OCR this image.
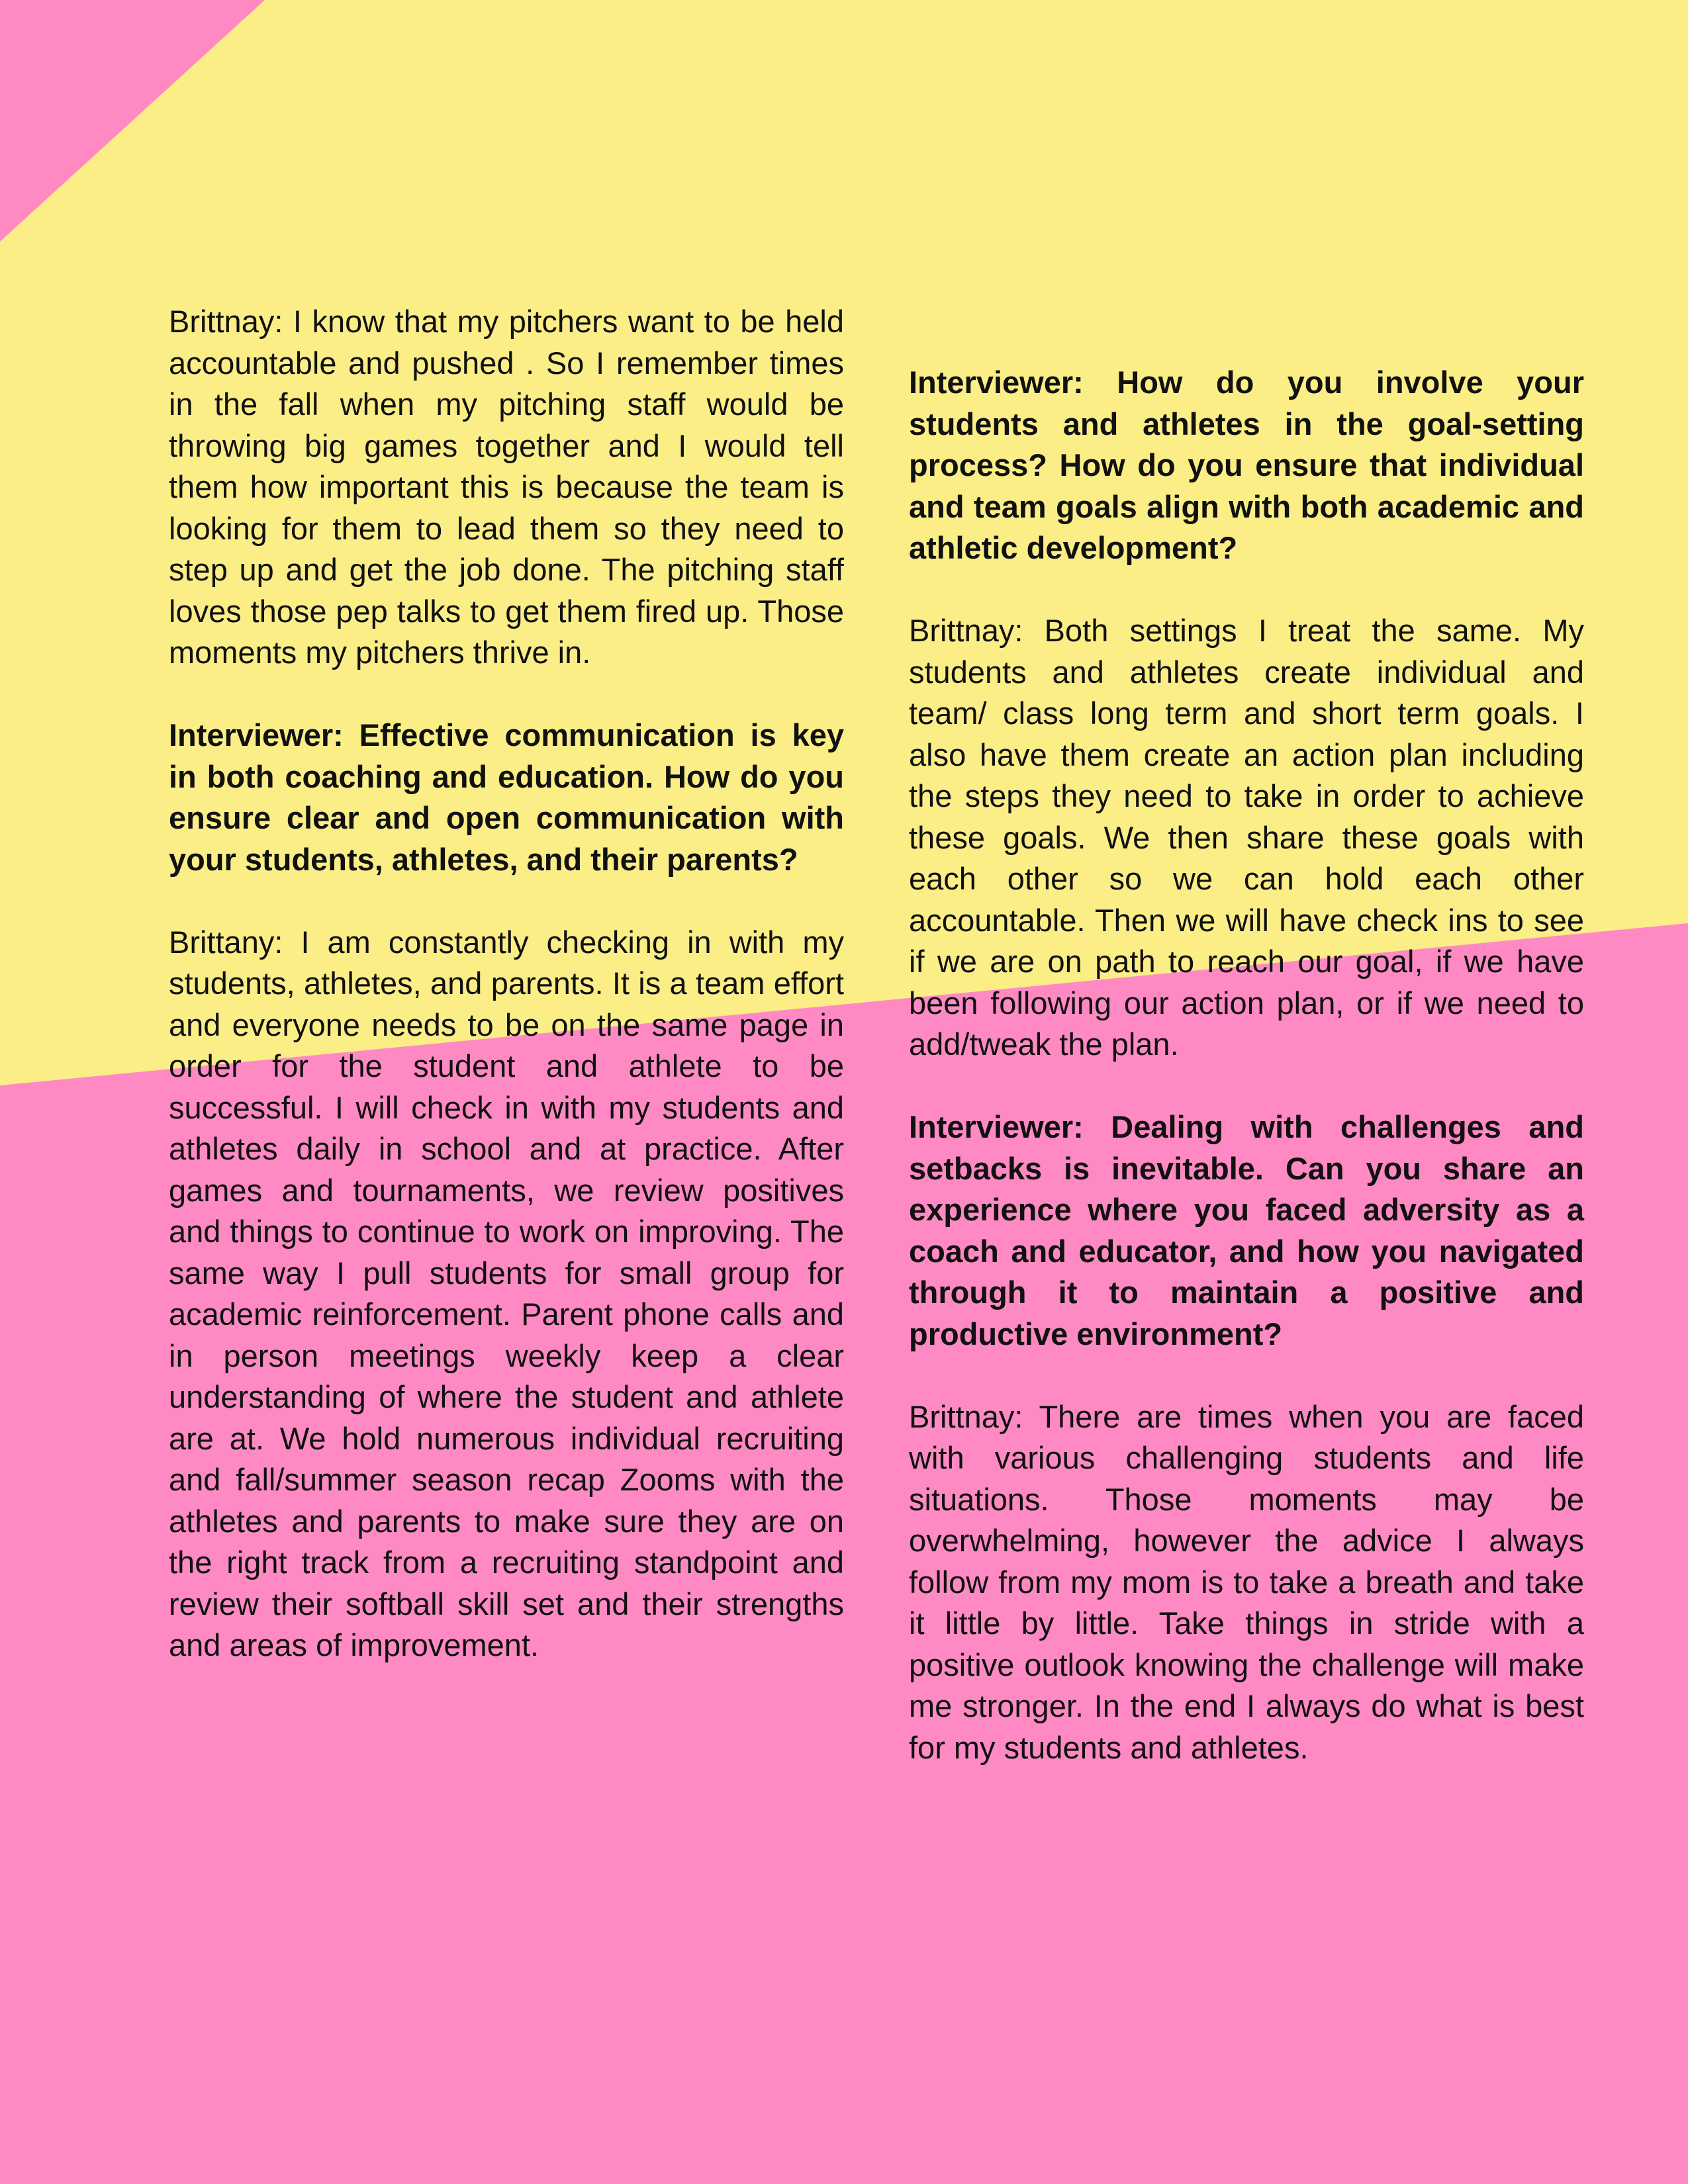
Brittnay: I know that my pitchers want to be held accountable and pushed . So I remember times in the fall when my pitching staff would be throwing big games together and I would tell them how important this is because the team is looking for them to lead them so they need to step up and get the job done. The pitching staff loves those pep talks to get them fired up. Those moments my pitchers thrive in.

Interviewer: Effective communication is key in both coaching and education. How do you ensure clear and open communication with your students, athletes, and their parents?

Brittany: I am constantly checking in with my students, athletes, and parents. It is a team effort and everyone needs to be on the same page in order for the student and athlete to be successful. I will check in with my students and athletes daily in school and at practice. After games and tournaments, we review positives and things to continue to work on improving. The same way I pull students for small group for academic reinforcement. Parent phone calls and in person meetings weekly keep a clear understanding of where the student and athlete are at. We hold numerous individual recruiting and fall/summer season recap Zooms with the athletes and parents to make sure they are on the right track from a recruiting standpoint and review their softball skill set and their strengths and areas of improvement.

Interviewer: How do you involve your students and athletes in the goal-setting process? How do you ensure that individual and team goals align with both academic and athletic development?

Brittnay: Both settings I treat the same. My students and athletes create individual and team/ class long term and short term goals. I also have them create an action plan including the steps they need to take in order to achieve these goals. We then share these goals with each other so we can hold each other accountable. Then we will have check ins to see if we are on path to reach our goal, if we have been following our action plan, or if we need to add/tweak the plan.

Interviewer: Dealing with challenges and setbacks is inevitable. Can you share an experience where you faced adversity as a coach and educator, and how you navigated through it to maintain a positive and productive environment?

Brittnay: There are times when you are faced with various challenging students and life situations. Those moments may be overwhelming, however the advice I always follow from my mom is to take a breath and take it little by little. Take things in stride with a positive outlook knowing the challenge will make me stronger. In the end I always do what is best for my students and athletes.
